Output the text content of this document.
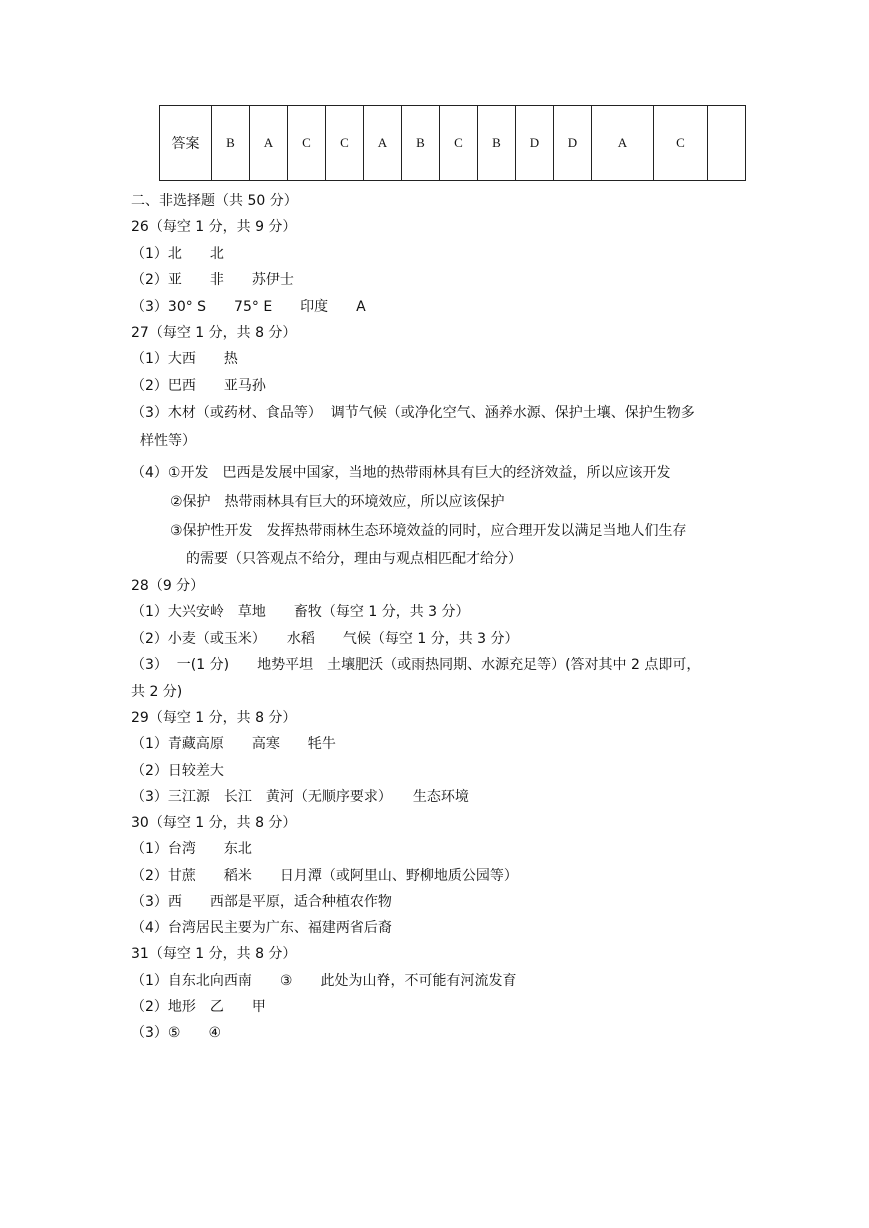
答案	B	A	C	C	A	B	C	B	D	D	A	C	
二、非选择题（共 50 分）
26（每空 1 分，共 9 分）
（1）北　　北
（2）亚　　非　　苏伊士
（3）30° S　　75° E　　印度　　A
27（每空 1 分，共 8 分）
（1）大西　　热
（2）巴西　　亚马孙
（3）木材（或药材、食品等）  调节气候（或净化空气、涵养水源、保护土壤、保护生物多
样性等）
（4）①开发　巴西是发展中国家，当地的热带雨林具有巨大的经济效益，所以应该开发
②保护　热带雨林具有巨大的环境效应，所以应该保护
③保护性开发　发挥热带雨林生态环境效益的同时，应合理开发以满足当地人们生存
的需要（只答观点不给分，理由与观点相匹配才给分）
28（9 分）
（1）大兴安岭　草地　　畜牧（每空 1 分，共 3 分）
（2）小麦（或玉米）　　水稻　　气候（每空 1 分，共 3 分）
（3）  一(1 分)　　地势平坦　土壤肥沃（或雨热同期、水源充足等）(答对其中 2 点即可，
共 2 分)
29（每空 1 分，共 8 分）
（1）青藏高原　　高寒　　牦牛
（2）日较差大
（3）三江源　长江　黄河（无顺序要求）　　生态环境
30（每空 1 分，共 8 分）
（1）台湾　　东北
（2）甘蔗　　稻米　　日月潭（或阿里山、野柳地质公园等）
（3）西　　西部是平原，适合种植农作物
（4）台湾居民主要为广东、福建两省后裔
31（每空 1 分，共 8 分）
（1）自东北向西南　　③　　此处为山脊，不可能有河流发育
（2）地形　乙　　甲
（3）⑤　　④
